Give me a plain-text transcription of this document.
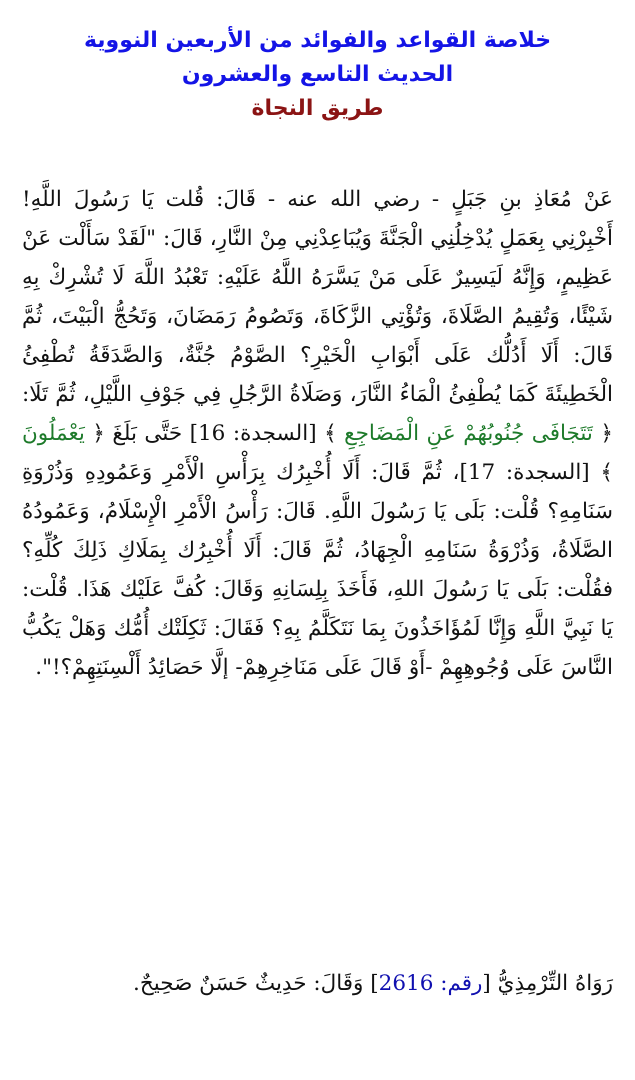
خلاصة القواعد والفوائد من الأربعين النووية

الحديث التاسع والعشرون

طريق النجاة

عَنْ مُعَاذِ بنِ جَبَلٍ - رضي الله عنه - قَالَ: قُلت يَا رَسُولَ اللَّهِ! أَخْبِرْنِي بِعَمَلٍ يُدْخِلُنِي الْجَنَّةَ وَيُبَاعِدْنِي مِنْ النَّارِ، قَالَ: "لَقَدْ سَأَلْت عَنْ عَظِيمٍ، وَإِنَّهُ لَيَسِيرٌ عَلَى مَنْ يَسَّرَهُ اللَّهُ عَلَيْهِ: تَعْبُدُ اللَّهَ لَا تُشْرِكْ بِهِ شَيْئًا، وَتُقِيمُ الصَّلَاةَ، وَتُؤْتِي الزَّكَاةَ، وَتَصُومُ رَمَضَانَ، وَتَحُجُّ الْبَيْتَ، ثُمَّ قَالَ: أَلَا أَدُلُّك عَلَى أَبْوَابِ الْخَيْرِ؟ الصَّوْمُ جُنَّةٌ، وَالصَّدَقَةُ تُطْفِئُ الْخَطِيئَةَ كَمَا يُطْفِئُ الْمَاءُ النَّارَ، وَصَلَاةُ الرَّجُلِ فِي جَوْفِ اللَّيْلِ، ثُمَّ تَلَا: ﴿ تَتَجَافَى جُنُوبُهُمْ عَنِ الْمَضَاجِعِ ﴾ [السجدة: 16] حَتَّى بَلَغَ ﴿ يَعْمَلُونَ ﴾ [السجدة: 17]، ثُمَّ قَالَ: أَلَا أُخْبِرُك بِرَأْسِ الْأَمْرِ وَعَمُودِهِ وَذُرْوَةِ سَنَامِهِ؟ قُلْت: بَلَى يَا رَسُولَ اللَّهِ. قَالَ: رَأْسُ الْأَمْرِ الْإِسْلَامُ، وَعَمُودُهُ الصَّلَاةُ، وَذُرْوَةُ سَنَامِهِ الْجِهَادُ، ثُمَّ قَالَ: أَلَا أُخْبِرُك بِمَلَاكِ ذَلِكَ كُلِّهِ؟ فقُلْت: بَلَى يَا رَسُولَ اللهِ، فَأَخَذَ بِلِسَانِهِ وَقَالَ: كُفَّ عَلَيْك هَذَا. قُلْت: يَا نَبِيَّ اللَّهِ وَإِنَّا لَمُؤَاخَذُونَ بِمَا نَتَكَلَّمُ بِهِ؟ فَقَالَ: ثَكِلَتْك أُمُّك وَهَلْ يَكُبُّ النَّاسَ عَلَى وُجُوهِهِمْ -أَوْ قَالَ عَلَى مَنَاخِرِهِمْ- إلَّا حَصَائِدُ أَلْسِنَتِهِمْ؟!".
رَوَاهُ التِّرْمِذِيُّ [رقم: 2616] وَقَالَ: حَدِيثٌ حَسَنٌ صَحِيحٌ.
